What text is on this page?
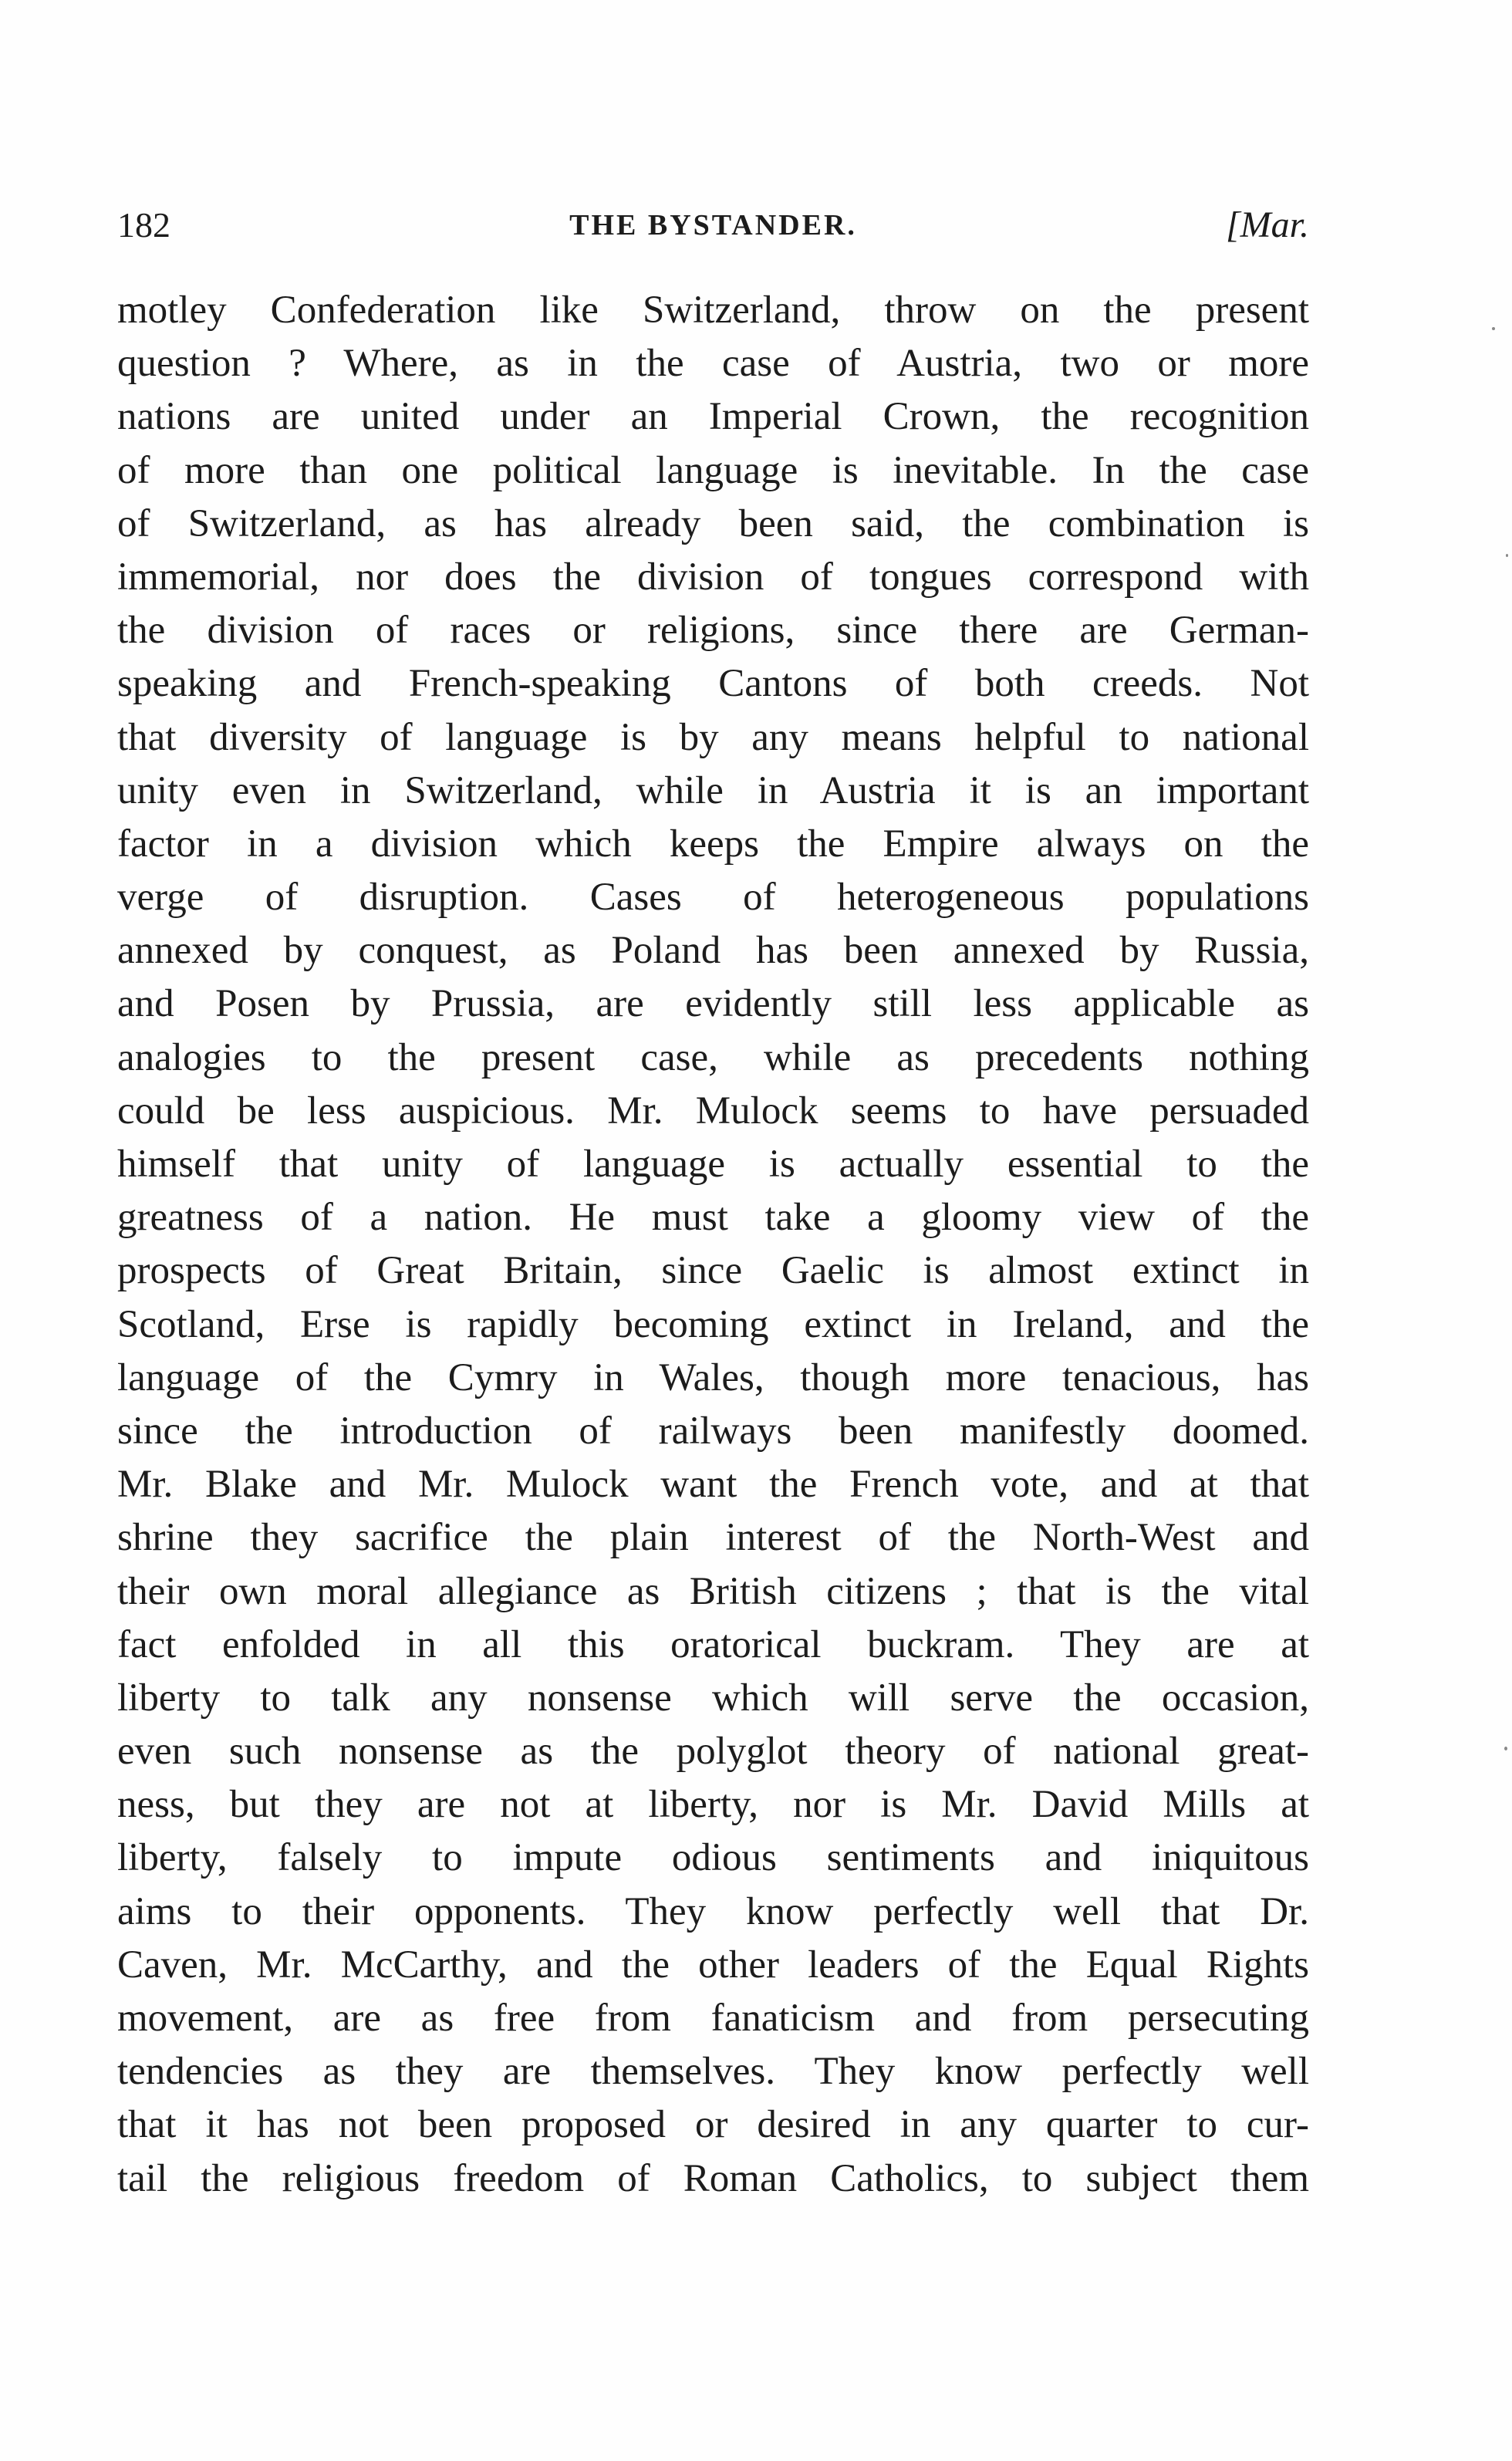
182	THE BYSTANDER.	[Mar.
motley Confederation like Switzerland, throw on the present
question ? Where, as in the case of Austria, two or more
nations are united under an Imperial Crown, the recognition
of more than one political language is inevitable. In the case
of Switzerland, as has already been said, the combination is
immemorial, nor does the division of tongues correspond with
the division of races or religions, since there are German-
speaking and French-speaking Cantons of both creeds. Not
that diversity of language is by any means helpful to national
unity even in Switzerland, while in Austria it is an important
factor in a division which keeps the Empire always on the
verge of disruption. Cases of heterogeneous populations
annexed by conquest, as Poland has been annexed by Russia,
and Posen by Prussia, are evidently still less applicable as
analogies to the present case, while as precedents nothing
could be less auspicious. Mr. Mulock seems to have persuaded
himself that unity of language is actually essential to the
greatness of a nation. He must take a gloomy view of the
prospects of Great Britain, since Gaelic is almost extinct in
Scotland, Erse is rapidly becoming extinct in Ireland, and the
language of the Cymry in Wales, though more tenacious, has
since the introduction of railways been manifestly doomed.
Mr. Blake and Mr. Mulock want the French vote, and at that
shrine they sacrifice the plain interest of the North-West and
their own moral allegiance as British citizens ; that is the vital
fact enfolded in all this oratorical buckram. They are at
liberty to talk any nonsense which will serve the occasion,
even such nonsense as the polyglot theory of national great-
ness, but they are not at liberty, nor is Mr. David Mills at
liberty, falsely to impute odious sentiments and iniquitous
aims to their opponents. They know perfectly well that Dr.
Caven, Mr. McCarthy, and the other leaders of the Equal Rights
movement, are as free from fanaticism and from persecuting
tendencies as they are themselves. They know perfectly well
that it has not been proposed or desired in any quarter to cur-
tail the religious freedom of Roman Catholics, to subject them
